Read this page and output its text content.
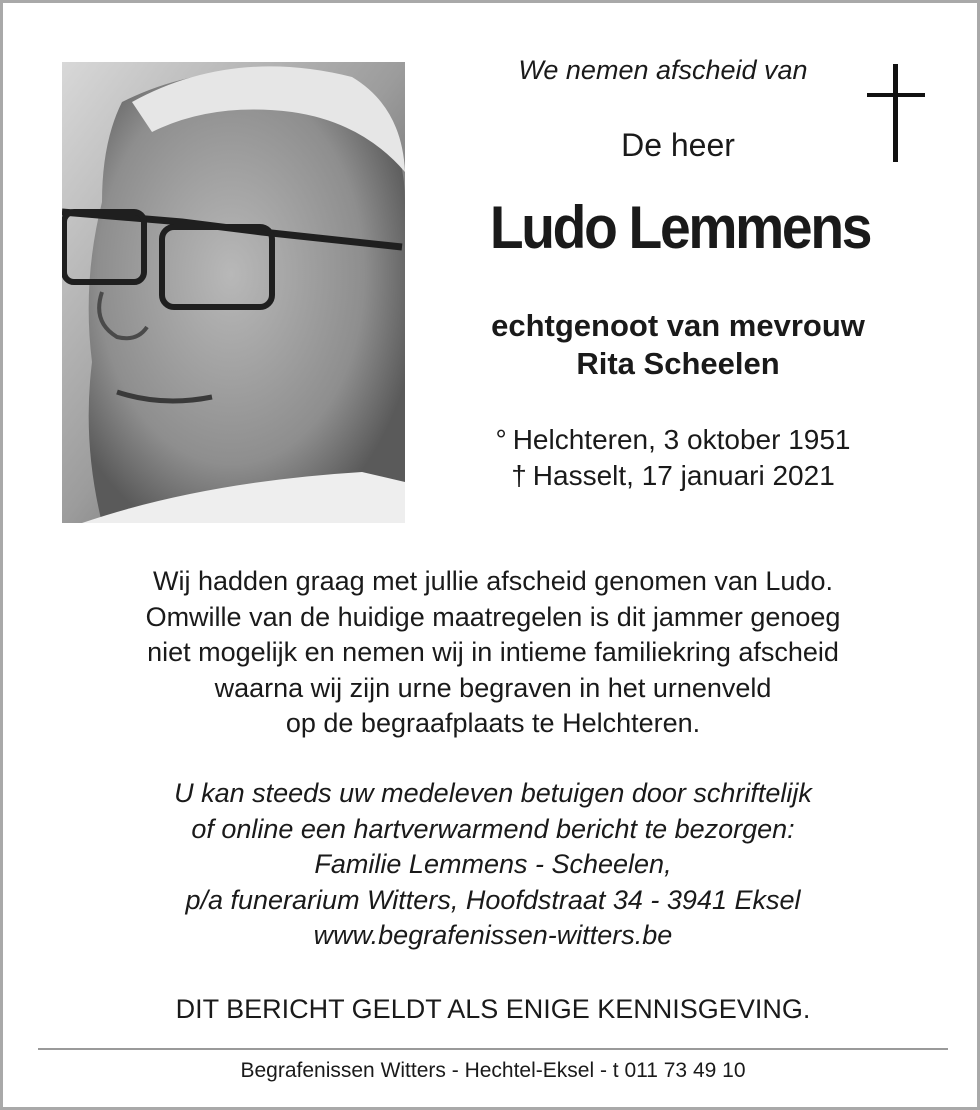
We nemen afscheid van
De heer
Ludo Lemmens
echtgenoot van mevrouw
Rita Scheelen
° Helchteren, 3 oktober 1951
† Hasselt, 17 januari 2021
Wij hadden graag met jullie afscheid genomen van Ludo.
Omwille van de huidige maatregelen is dit jammer genoeg
niet mogelijk en nemen wij in intieme familiekring afscheid
waarna wij zijn urne begraven in het urnenveld
op de begraafplaats te Helchteren.
U kan steeds uw medeleven betuigen door schriftelijk
of online een hartverwarmend bericht te bezorgen:
Familie Lemmens - Scheelen,
p/a funerarium Witters, Hoofdstraat 34 - 3941 Eksel
www.begrafenissen-witters.be
DIT BERICHT GELDT ALS ENIGE KENNISGEVING.
Begrafenissen Witters - Hechtel-Eksel - t 011 73 49 10
